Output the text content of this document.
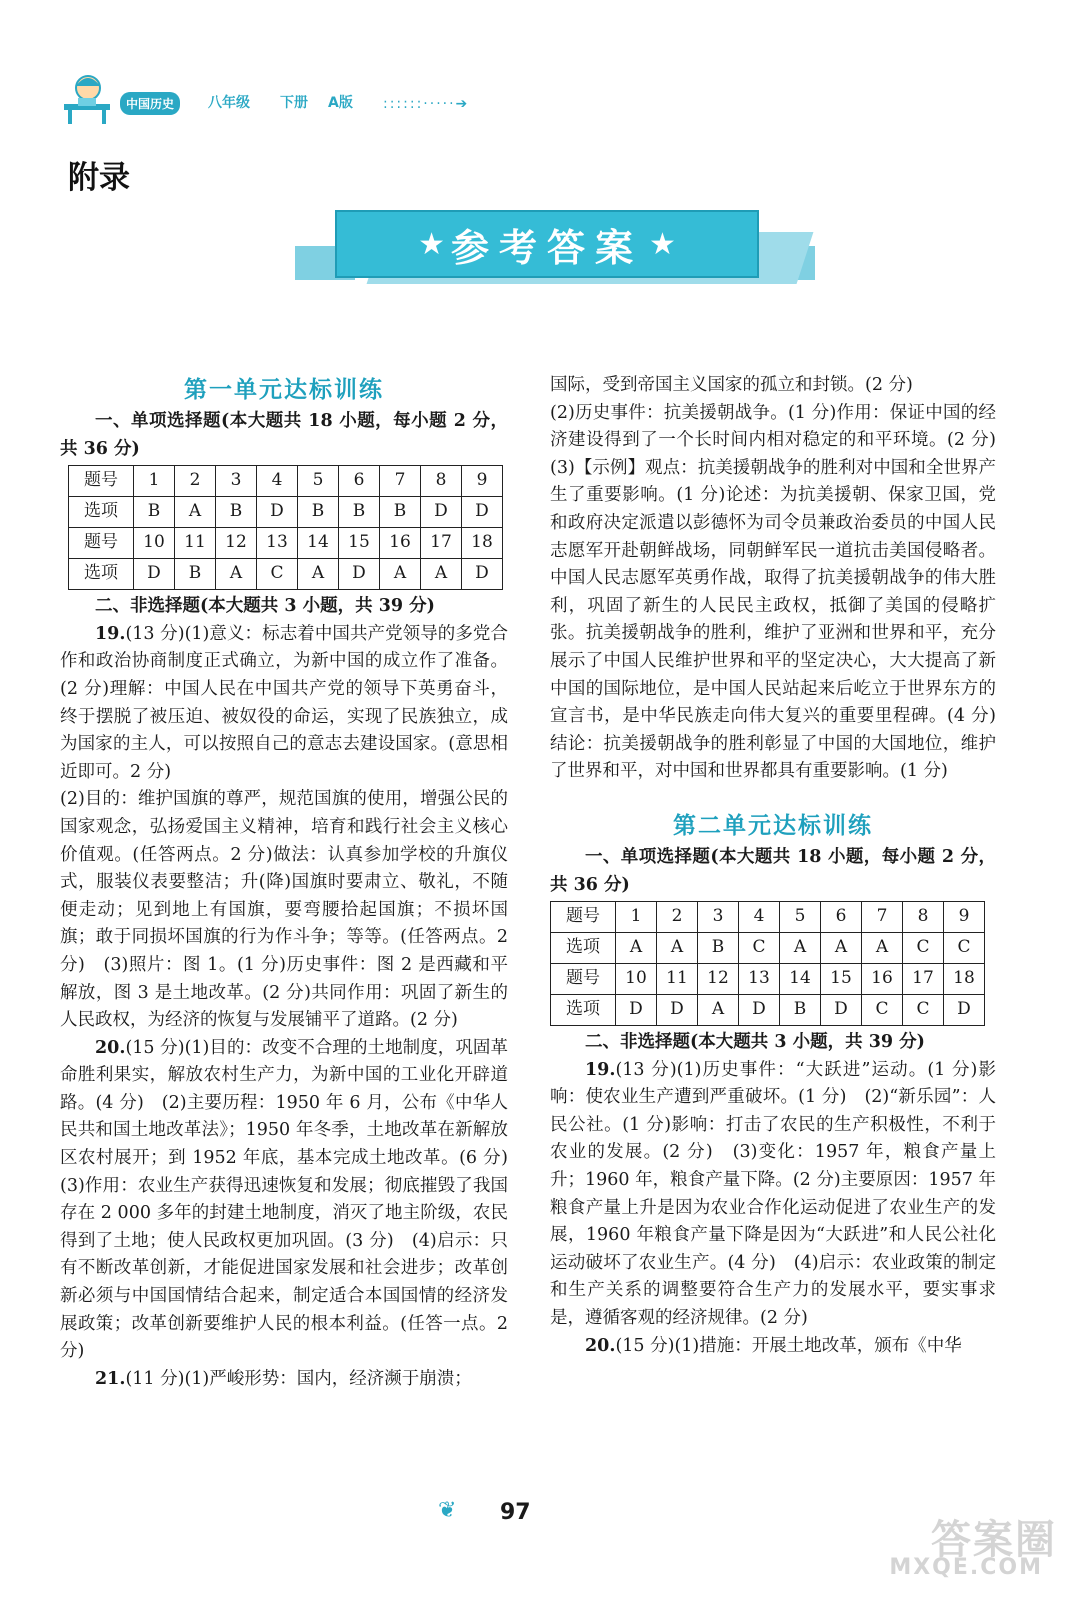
中国历史	八年级 下册 A版 ::::::·····➔
附录
★ 参考答案 ★
第一单元达标训练

一、单项选择题(本大题共 18 小题，每小题 2 分，共 36 分)

题号	1	2	3	4	5	6	7	8	9
选项	B	A	B	D	B	B	B	D	D
题号	10	11	12	13	14	15	16	17	18
选项	D	B	A	C	A	D	A	A	D

二、非选择题(本大题共 3 小题，共 39 分)

19.(13 分)(1)意义：标志着中国共产党领导的多党合作和政治协商制度正式确立，为新中国的成立作了准备。(2 分)理解：中国人民在中国共产党的领导下英勇奋斗，终于摆脱了被压迫、被奴役的命运，实现了民族独立，成为国家的主人，可以按照自己的意志去建设国家。(意思相近即可。2 分)

(2)目的：维护国旗的尊严，规范国旗的使用，增强公民的国家观念，弘扬爱国主义精神，培育和践行社会主义核心价值观。(任答两点。2 分)做法：认真参加学校的升旗仪式，服装仪表要整洁；升(降)国旗时要肃立、敬礼，不随便走动；见到地上有国旗，要弯腰拾起国旗；不损坏国旗；敢于同损坏国旗的行为作斗争；等等。(任答两点。2 分)　(3)照片：图 1。(1 分)历史事件：图 2 是西藏和平解放，图 3 是土地改革。(2 分)共同作用：巩固了新生的人民政权，为经济的恢复与发展铺平了道路。(2 分)

20.(15 分)(1)目的：改变不合理的土地制度，巩固革命胜利果实，解放农村生产力，为新中国的工业化开辟道路。(4 分)　(2)主要历程：1950 年 6 月，公布《中华人民共和国土地改革法》；1950 年冬季，土地改革在新解放区农村展开；到 1952 年底，基本完成土地改革。(6 分)　(3)作用：农业生产获得迅速恢复和发展；彻底摧毁了我国存在 2 000 多年的封建土地制度，消灭了地主阶级，农民得到了土地；使人民政权更加巩固。(3 分)　(4)启示：只有不断改革创新，才能促进国家发展和社会进步；改革创新必须与中国国情结合起来，制定适合本国国情的经济发展政策；改革创新要维护人民的根本利益。(任答一点。2 分)

21.(11 分)(1)严峻形势：国内，经济濒于崩溃；

国际，受到帝国主义国家的孤立和封锁。(2 分)

(2)历史事件：抗美援朝战争。(1 分)作用：保证中国的经济建设得到了一个长时间内相对稳定的和平环境。(2 分)　(3)【示例】观点：抗美援朝战争的胜利对中国和全世界产生了重要影响。(1 分)论述：为抗美援朝、保家卫国，党和政府决定派遣以彭德怀为司令员兼政治委员的中国人民志愿军开赴朝鲜战场，同朝鲜军民一道抗击美国侵略者。中国人民志愿军英勇作战，取得了抗美援朝战争的伟大胜利，巩固了新生的人民民主政权，抵御了美国的侵略扩张。抗美援朝战争的胜利，维护了亚洲和世界和平，充分展示了中国人民维护世界和平的坚定决心，大大提高了新中国的国际地位，是中国人民站起来后屹立于世界东方的宣言书，是中华民族走向伟大复兴的重要里程碑。(4 分)结论：抗美援朝战争的胜利彰显了中国的大国地位，维护了世界和平，对中国和世界都具有重要影响。(1 分)

第二单元达标训练

一、单项选择题(本大题共 18 小题，每小题 2 分，共 36 分)

题号	1	2	3	4	5	6	7	8	9
选项	A	A	B	C	A	A	A	C	C
题号	10	11	12	13	14	15	16	17	18
选项	D	D	A	D	B	D	C	C	D

二、非选择题(本大题共 3 小题，共 39 分)

19.(13 分)(1)历史事件：“大跃进”运动。(1 分)影响：使农业生产遭到严重破坏。(1 分)　(2)“新乐园”：人民公社。(1 分)影响：打击了农民的生产积极性，不利于农业的发展。(2 分)　(3)变化：1957 年，粮食产量上升；1960 年，粮食产量下降。(2 分)主要原因：1957 年粮食产量上升是因为农业合作化运动促进了农业生产的发展，1960 年粮食产量下降是因为“大跃进”和人民公社化运动破坏了农业生产。(4 分)　(4)启示：农业政策的制定和生产关系的调整要符合生产力的发展水平，要实事求是，遵循客观的经济规律。(2 分)

20.(15 分)(1)措施：开展土地改革，颁布《中华

❦ 97
答案圈
MXQE.COM
